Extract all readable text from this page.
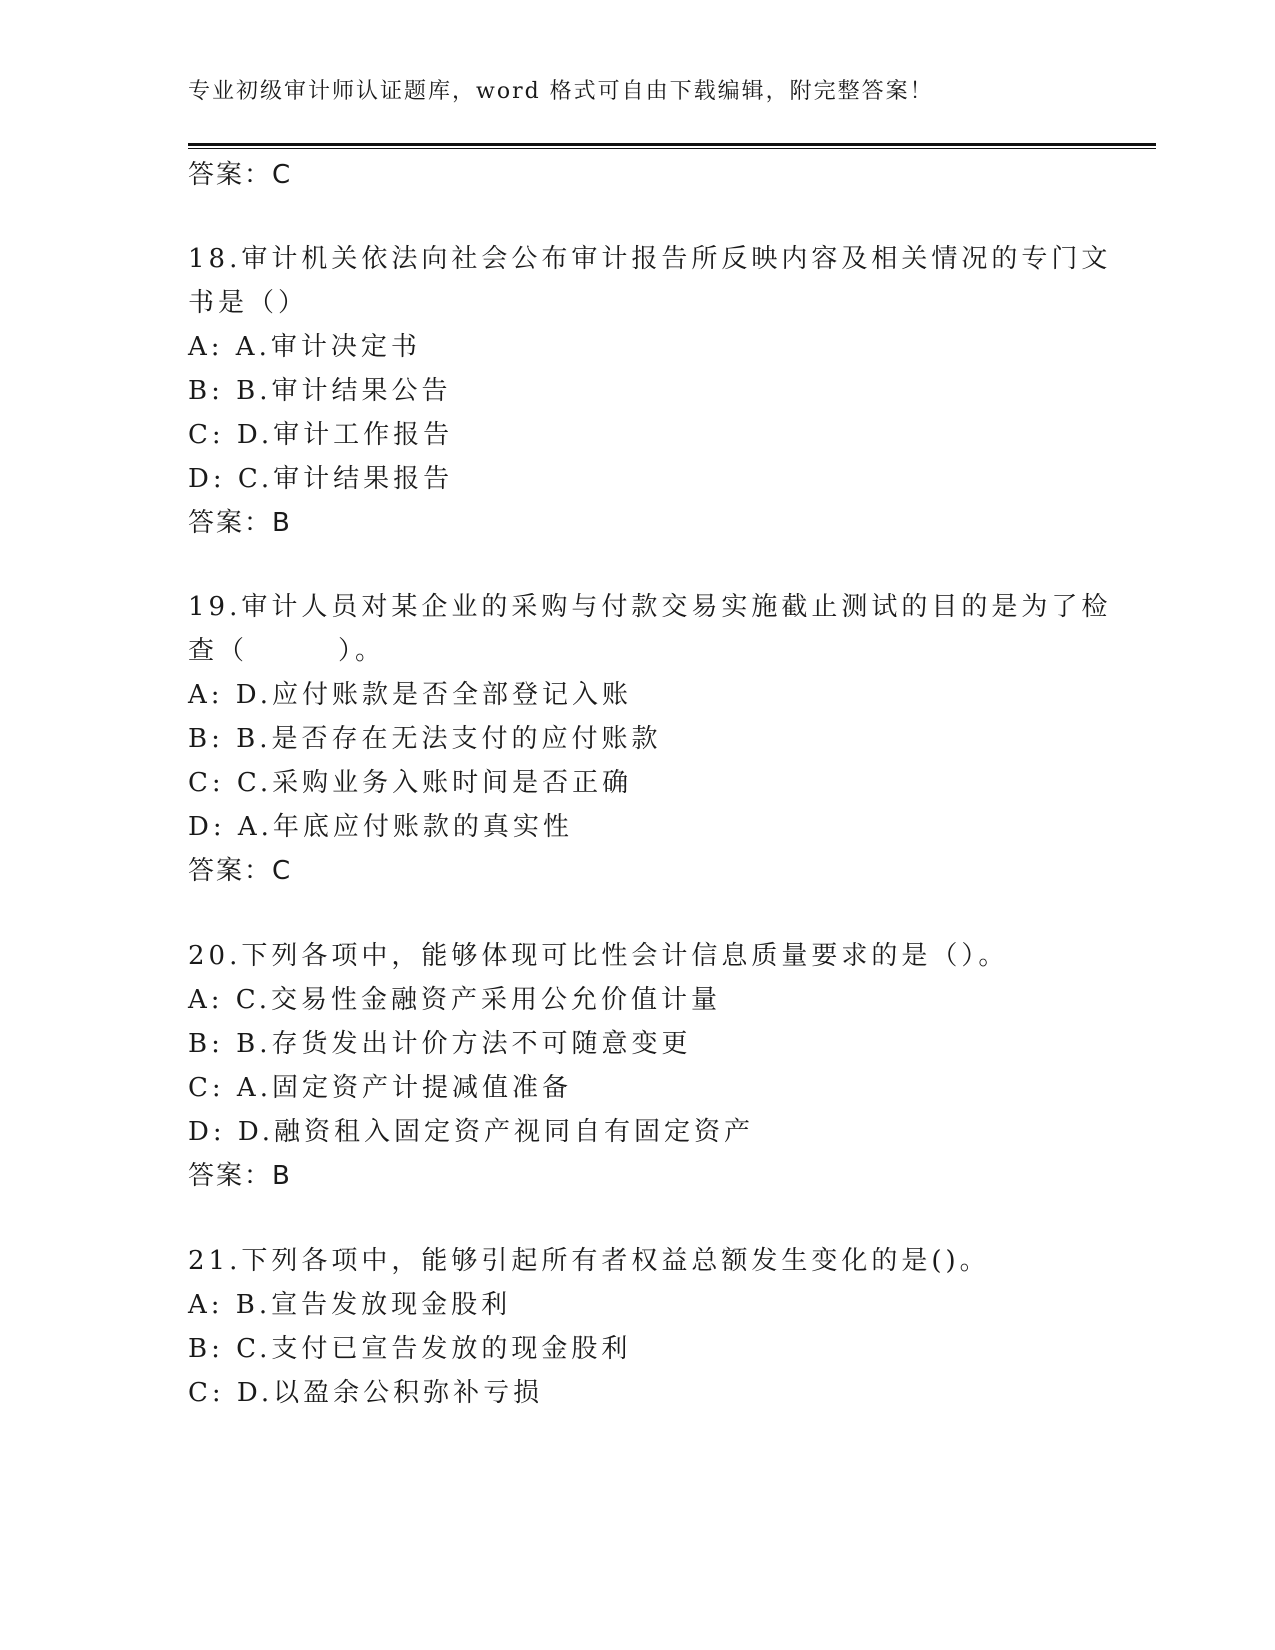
专业初级审计师认证题库，word 格式可自由下载编辑，附完整答案！
答案：C
18.审计机关依法向社会公布审计报告所反映内容及相关情况的专门文
书是（）
A: A.审计决定书
B: B.审计结果公告
C: D.审计工作报告
D: C.审计结果报告
答案：B
19.审计人员对某企业的采购与付款交易实施截止测试的目的是为了检
查（　　　）。
A: D.应付账款是否全部登记入账
B: B.是否存在无法支付的应付账款
C: C.采购业务入账时间是否正确
D: A.年底应付账款的真实性
答案：C
20.下列各项中，能够体现可比性会计信息质量要求的是（）。
A: C.交易性金融资产采用公允价值计量
B: B.存货发出计价方法不可随意变更
C: A.固定资产计提减值准备
D: D.融资租入固定资产视同自有固定资产
答案：B
21.下列各项中，能够引起所有者权益总额发生变化的是()。
A: B.宣告发放现金股利
B: C.支付已宣告发放的现金股利
C: D.以盈余公积弥补亏损
